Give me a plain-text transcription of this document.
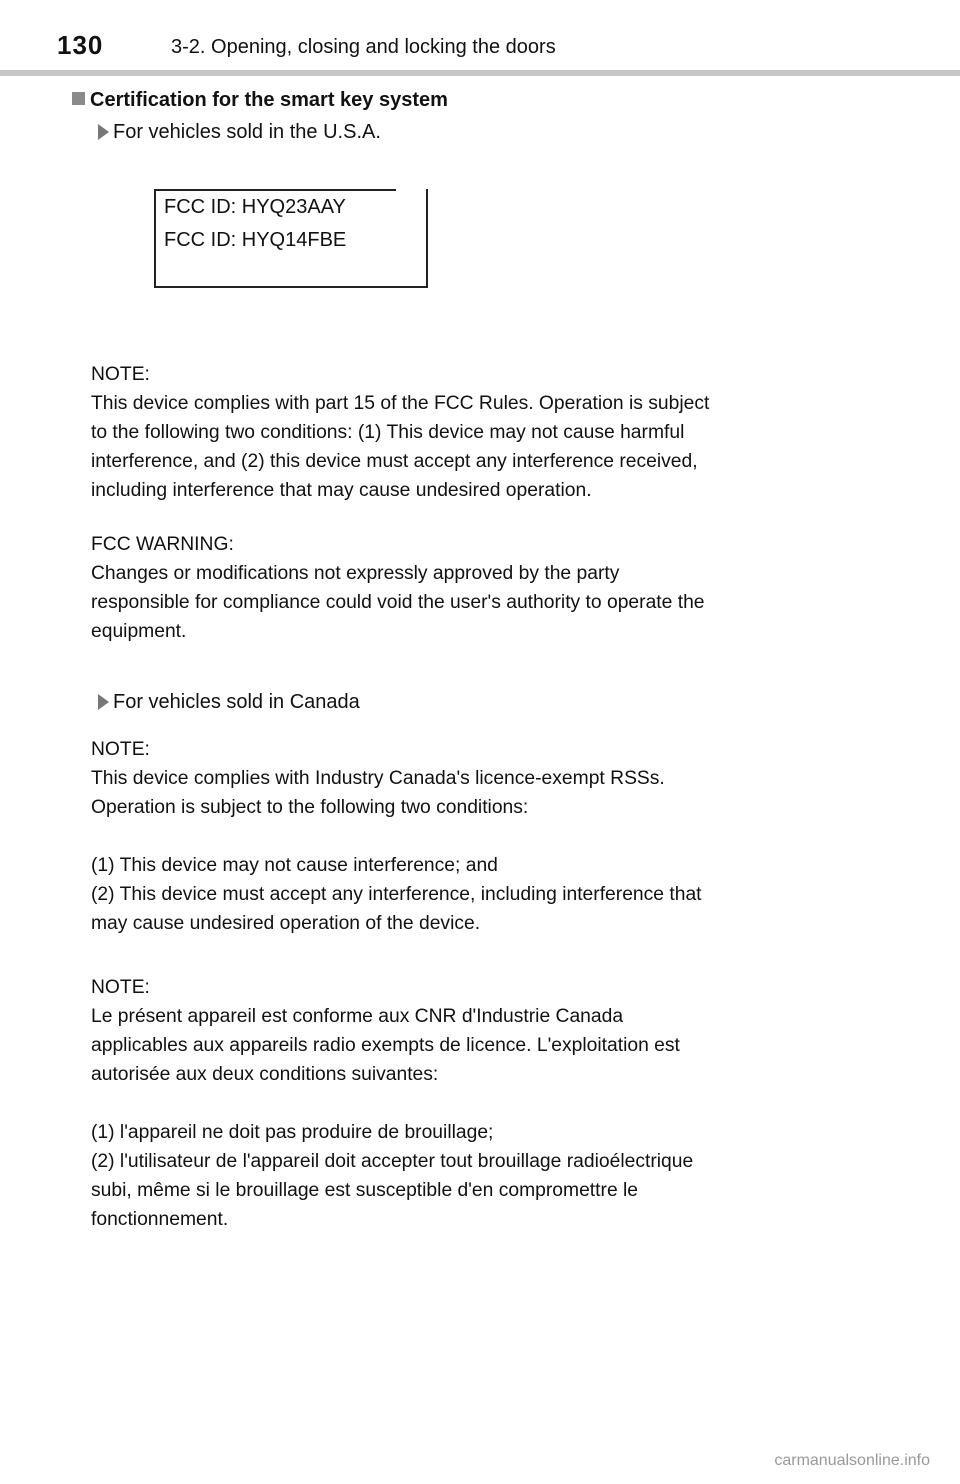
130	3-2. Opening, closing and locking the doors
Certification for the smart key system
For vehicles sold in the U.S.A.
FCC ID: HYQ23AAY
FCC ID: HYQ14FBE
NOTE:
This device complies with part 15 of the FCC Rules. Operation is subject
to the following two conditions: (1) This device may not cause harmful
interference, and (2) this device must accept any interference received,
including interference that may cause undesired operation.
FCC WARNING:
Changes or modifications not expressly approved by the party
responsible for compliance could void the user's authority to operate the
equipment.
For vehicles sold in Canada
NOTE:
This device complies with Industry Canada's licence-exempt RSSs.
Operation is subject to the following two conditions:
(1) This device may not cause interference; and
(2) This device must accept any interference, including interference that
may cause undesired operation of the device.
NOTE:
Le présent appareil est conforme aux CNR d'Industrie Canada
applicables aux appareils radio exempts de licence. L'exploitation est
autorisée aux deux conditions suivantes:
(1) l'appareil ne doit pas produire de brouillage;
(2) l'utilisateur de l'appareil doit accepter tout brouillage radioélectrique
subi, même si le brouillage est susceptible d'en compromettre le
fonctionnement.
carmanualsonline.info
